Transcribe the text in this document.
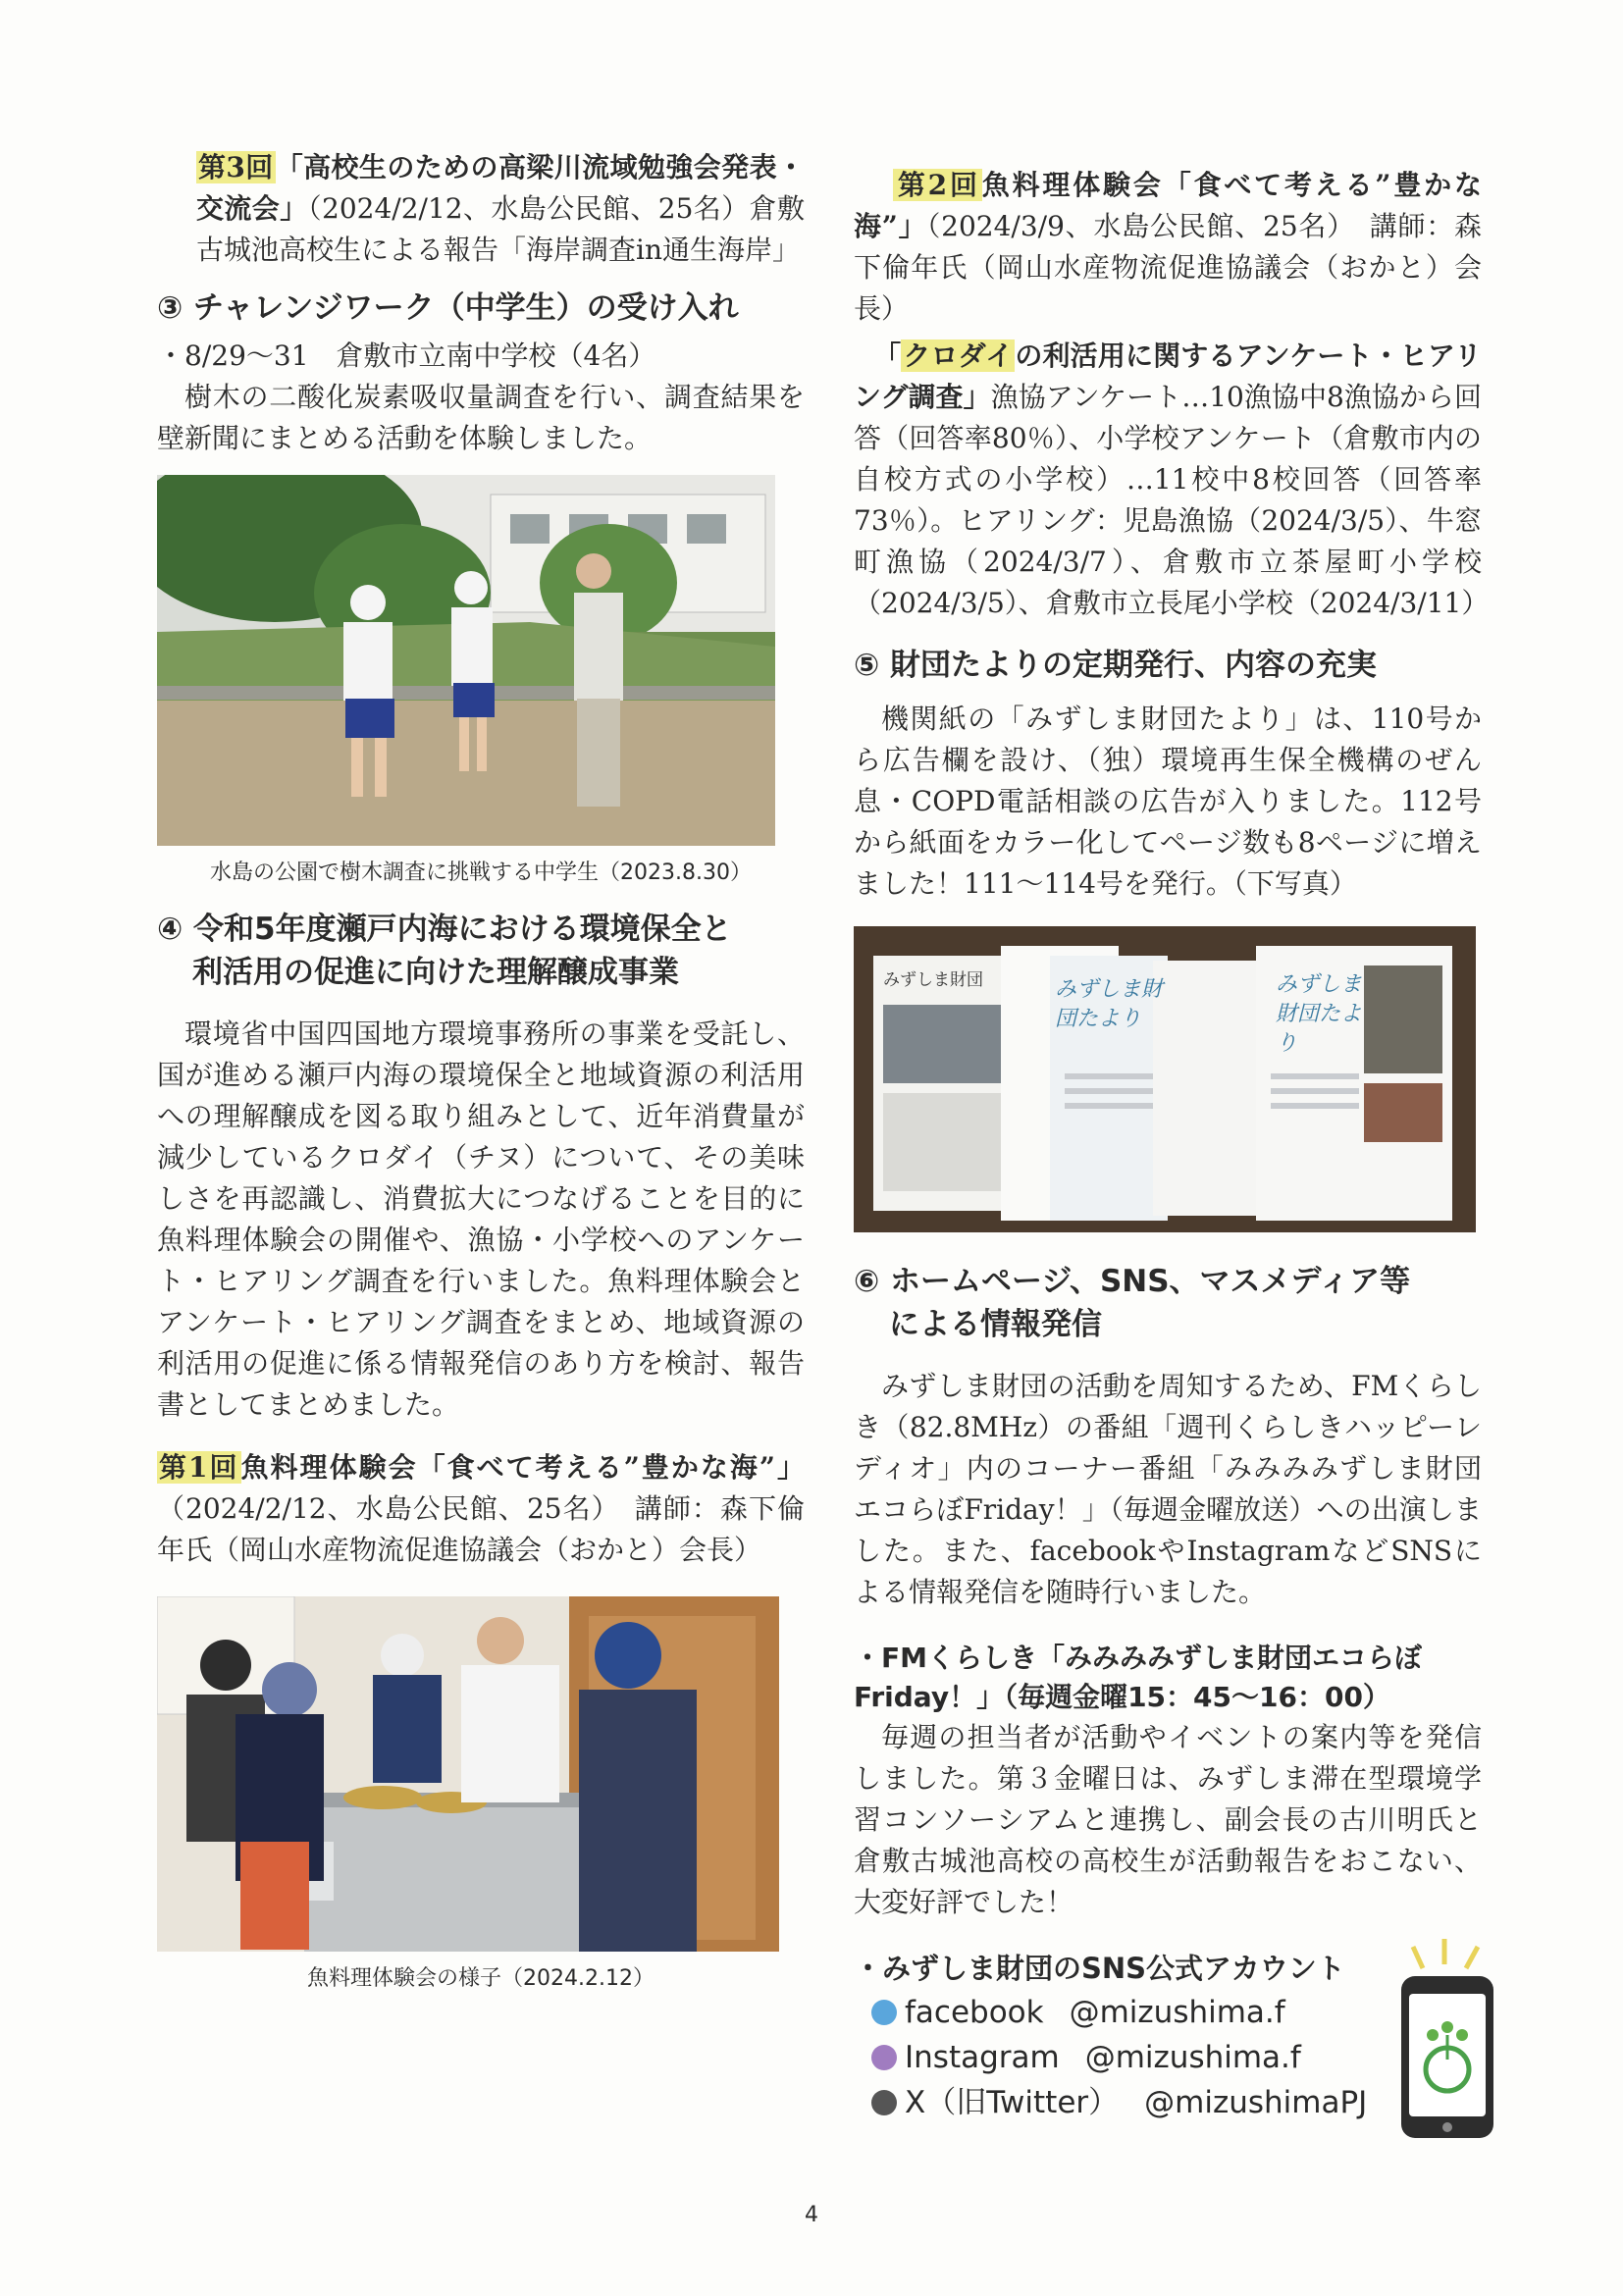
第3回「高校生のための高梁川流域勉強会発表・交流会」（2024/2/12、水島公民館、25名）倉敷古城池高校生による報告「海岸調査in通生海岸」

③ チャレンジワーク（中学生）の受け入れ

・8/29～31　倉敷市立南中学校（4名）

樹木の二酸化炭素吸収量調査を行い、調査結果を壁新聞にまとめる活動を体験しました。

水島の公園で樹木調査に挑戦する中学生（2023.8.30）

④ 令和5年度瀬戸内海における環境保全と
利活用の促進に向けた理解醸成事業

環境省中国四国地方環境事務所の事業を受託し、国が進める瀬戸内海の環境保全と地域資源の利活用への理解醸成を図る取り組みとして、近年消費量が減少しているクロダイ（チヌ）について、その美味しさを再認識し、消費拡大につなげることを目的に魚料理体験会の開催や、漁協・小学校へのアンケート・ヒアリング調査を行いました。魚料理体験会とアンケート・ヒアリング調査をまとめ、地域資源の利活用の促進に係る情報発信のあり方を検討、報告書としてまとめました。

第1回魚料理体験会「食べて考える”豊かな海”」（2024/2/12、水島公民館、25名）　講師：森下倫年氏（岡山水産物流促進協議会（おかと）会長）

魚料理体験会の様子（2024.2.12）

第2回魚料理体験会「食べて考える”豊かな海”」（2024/3/9、水島公民館、25名）　講師：森下倫年氏（岡山水産物流促進協議会（おかと）会長）

「クロダイの利活用に関するアンケート・ヒアリング調査」漁協アンケート…10漁協中8漁協から回答（回答率80％）、小学校アンケート（倉敷市内の自校方式の小学校）…11校中8校回答（回答率73％）。ヒアリング：児島漁協（2024/3/5）、牛窓町漁協（2024/3/7）、倉敷市立茶屋町小学校（2024/3/5）、倉敷市立長尾小学校（2024/3/11）

⑤ 財団たよりの定期発行、内容の充実

機関紙の「みずしま財団たより」は、110号から広告欄を設け、（独）環境再生保全機構のぜん息・COPD電話相談の広告が入りました。112号から紙面をカラー化してページ数も8ページに増えました！111～114号を発行。（下写真）

みずしま財団	みずしま財団たより
みずしま財団たより
⑥ ホームページ、SNS、マスメディア等
による情報発信

みずしま財団の活動を周知するため、FMくらしき（82.8MHz）の番組「週刊くらしきハッピーレディオ」内のコーナー番組「みみみみずしま財団エコらぼFriday！」（毎週金曜放送）への出演しました。また、facebookやInstagramなどSNSによる情報発信を随時行いました。

・FMくらしき「みみみみずしま財団エコらぼ
Friday！」（毎週金曜15：45～16：00）

毎週の担当者が活動やイベントの案内等を発信しました。第３金曜日は、みずしま滞在型環境学習コンソーシアムと連携し、副会長の古川明氏と倉敷古城池高校の高校生が活動報告をおこない、大変好評でした！

・みずしま財団のSNS公式アカウント

facebook @mizushima.f
Instagram @mizushima.f
X（旧Twitter） @mizushimaPJ
4
